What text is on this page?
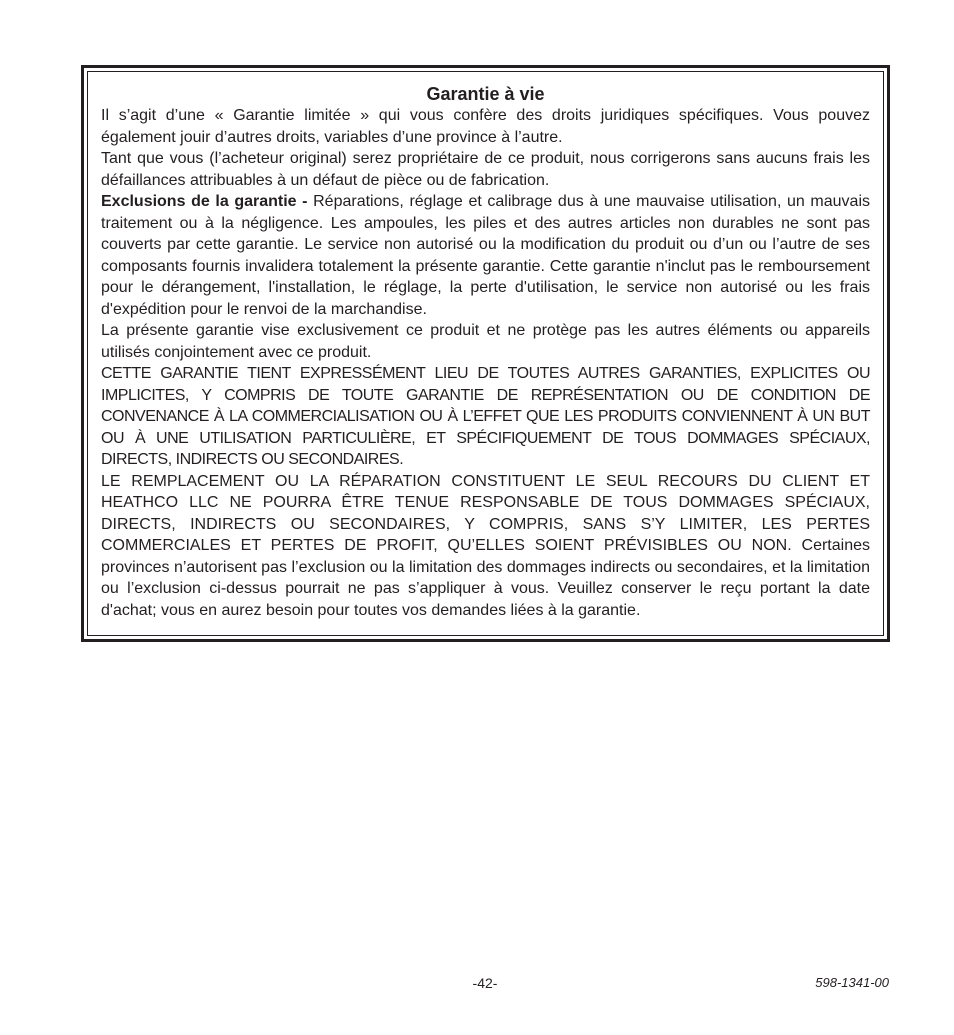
Garantie à vie

Il s’agit d’une « Garantie limitée » qui vous confère des droits juridiques spécifiques. Vous pouvez également jouir d’autres droits, variables d’une province à l’autre.

Tant que vous (l’acheteur original) serez propriétaire de ce produit, nous corrigerons sans aucuns frais les défaillances attribuables à un défaut de pièce ou de fabrication.

Exclusions de la garantie - Réparations, réglage et calibrage dus à une mauvaise utilisation, un mauvais traitement ou à la négligence. Les ampoules, les piles et des autres articles non durables ne sont pas couverts par cette garantie. Le service non autorisé ou la modification du produit ou d’un ou l’autre de ses composants fournis invalidera totalement la présente garantie. Cette garantie n'inclut pas le remboursement pour le dérangement, l'installation, le réglage, la perte d'utilisation, le service non autorisé ou les frais d'expédition pour le renvoi de la marchandise.

La présente garantie vise exclusivement ce produit et ne protège pas les autres éléments ou appareils utilisés conjointement avec ce produit.

CETTE GARANTIE TIENT EXPRESSÉMENT LIEU DE TOUTES AUTRES GARANTIES, EXPLICITES OU IMPLICITES, Y COMPRIS DE TOUTE GARANTIE DE REPRÉSENTATION OU DE CONDITION DE CONVENANCE À LA COMMERCIALISATION OU À L’EFFET QUE LES PRODUITS CONVIENNENT À UN BUT OU À UNE UTILISATION PARTICULIÈRE, ET SPÉCIFIQUEMENT DE TOUS DOMMAGES SPÉCIAUX, DIRECTS, INDIRECTS OU SECONDAIRES.

LE REMPLACEMENT OU LA RÉPARATION CONSTITUENT LE SEUL RECOURS DU CLIENT ET HEATHCO LLC NE POURRA ÊTRE TENUE RESPONSABLE DE TOUS DOMMAGES SPÉCIAUX, DIRECTS, INDIRECTS OU SECONDAIRES, Y COMPRIS, SANS S’Y LIMITER, LES PERTES COMMERCIALES ET PERTES DE PROFIT, QU’ELLES SOIENT PRÉVISIBLES OU NON. Certaines provinces n’autorisent pas l’exclusion ou la limitation des dommages indirects ou secondaires, et la limitation ou l’exclusion ci-dessus pourrait ne pas s’appliquer à vous. Veuillez conserver le reçu portant la date d'achat; vous en aurez besoin pour toutes vos demandes liées à la garantie.

-42-	598-1341-00
